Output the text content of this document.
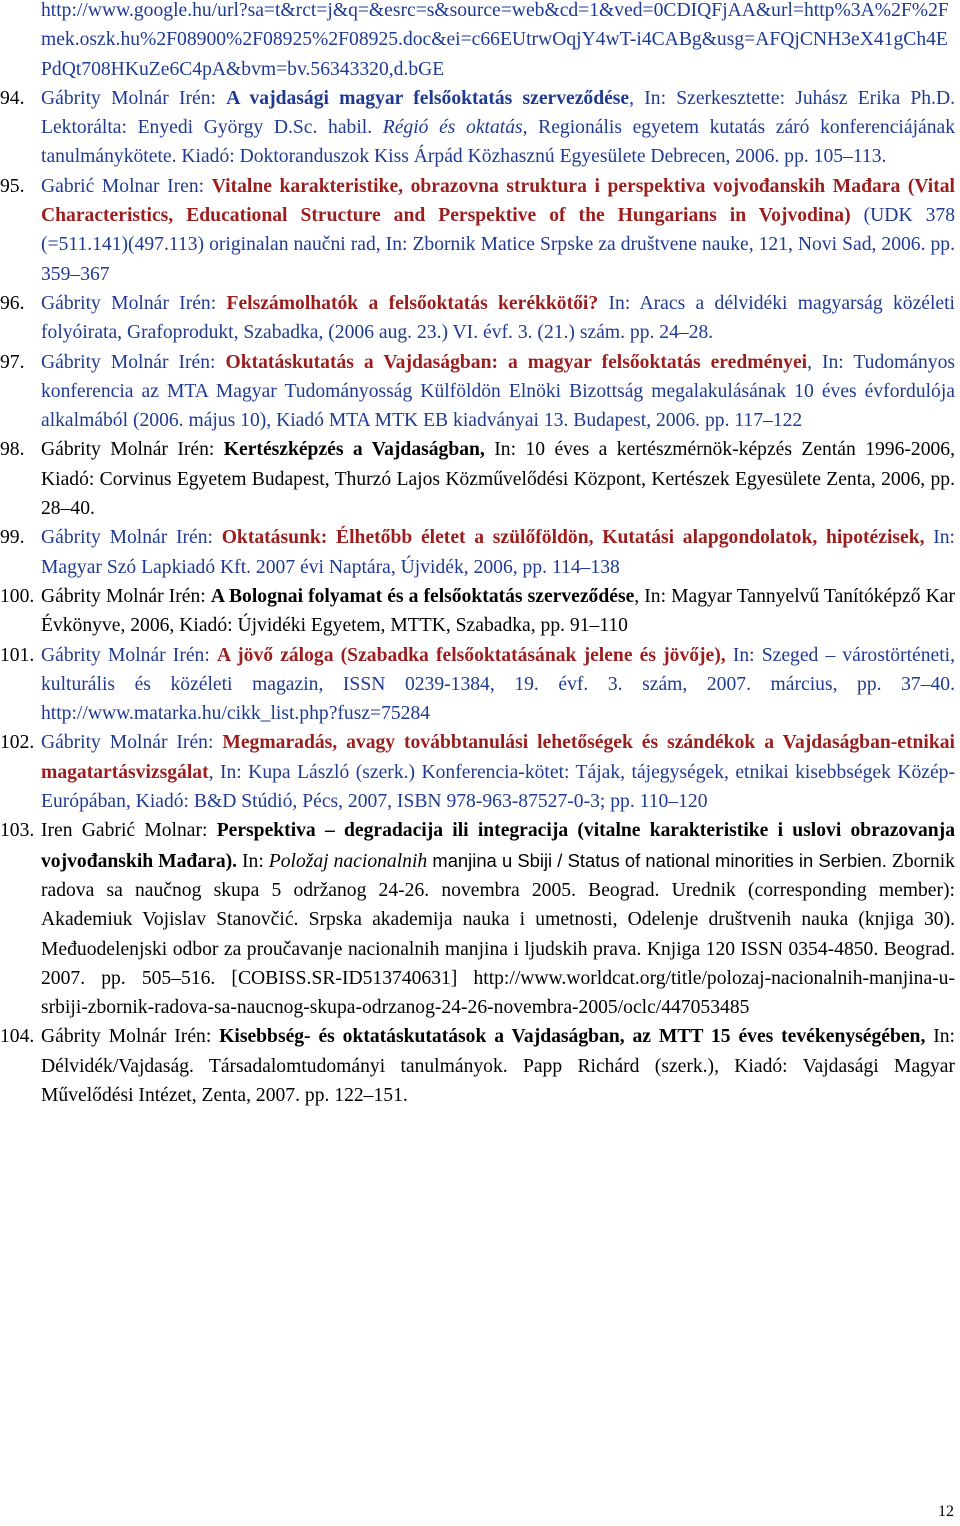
http://www.google.hu/url?sa=t&rct=j&q=&esrc=s&source=web&cd=1&ved=0CDIQFjAA&url=http%3A%2F%2Fmek.oszk.hu%2F08900%2F08925%2F08925.doc&ei=c66EUtrwOqjY4wT-i4CABg&usg=AFQjCNH3eX41gCh4EPdQt708HKuZe6C4pA&bvm=bv.56343320,d.bGE

94. Gábrity Molnár Irén: A vajdasági magyar felsőoktatás szerveződése, In: Szerkesztette: Juhász Erika Ph.D. Lektorálta: Enyedi György D.Sc. habil. Régió és oktatás, Regionális egyetem kutatás záró konferenciájának tanulmánykötete. Kiadó: Doktoranduszok Kiss Árpád Közhasznú Egyesülete Debrecen, 2006. pp. 105–113.

95. Gabrić Molnar Iren: Vitalne karakteristike, obrazovna struktura i perspektiva vojvođanskih Mađara (Vital Characteristics, Educational Structure and Perspektive of the Hungarians in Vojvodina) (UDK 378 (=511.141)(497.113) originalan naučni rad, In: Zbornik Matice Srpske za društvene nauke, 121, Novi Sad, 2006. pp. 359–367

96. Gábrity Molnár Irén: Felszámolhatók a felsőoktatás kerékkötői? In: Aracs a délvidéki magyarság közéleti folyóirata, Grafoprodukt, Szabadka, (2006 aug. 23.) VI. évf. 3. (21.) szám. pp. 24–28.

97. Gábrity Molnár Irén: Oktatáskutatás a Vajdaságban: a magyar felsőoktatás eredményei, In: Tudományos konferencia az MTA Magyar Tudományosság Külföldön Elnöki Bizottság megalakulásának 10 éves évfordulója alkalmából (2006. május 10), Kiadó MTA MTK EB kiadványai 13. Budapest, 2006. pp. 117–122

98. Gábrity Molnár Irén: Kertészképzés a Vajdaságban, In: 10 éves a kertészmérnök-képzés Zentán 1996-2006, Kiadó: Corvinus Egyetem Budapest, Thurzó Lajos Közművelődési Központ, Kertészek Egyesülete Zenta, 2006, pp. 28–40.

99. Gábrity Molnár Irén: Oktatásunk: Élhetőbb életet a szülőföldön, Kutatási alapgondolatok, hipotézisek, In: Magyar Szó Lapkiadó Kft. 2007 évi Naptára, Újvidék, 2006, pp. 114–138

100. Gábrity Molnár Irén: A Bolognai folyamat és a felsőoktatás szerveződése, In: Magyar Tannyelvű Tanítóképző Kar Évkönyve, 2006, Kiadó: Újvidéki Egyetem, MTTK, Szabadka, pp. 91–110

101. Gábrity Molnár Irén: A jövő záloga (Szabadka felsőoktatásának jelene és jövője), In: Szeged – várostörténeti, kulturális és közéleti magazin, ISSN 0239-1384, 19. évf. 3. szám, 2007. március, pp. 37–40. http://www.matarka.hu/cikk_list.php?fusz=75284

102. Gábrity Molnár Irén: Megmaradás, avagy továbbtanulási lehetőségek és szándékok a Vajdaságban-etnikai magatartásvizsgálat, In: Kupa László (szerk.) Konferencia-kötet: Tájak, tájegységek, etnikai kisebbségek Közép-Európában, Kiadó: B&D Stúdió, Pécs, 2007, ISBN 978-963-87527-0-3; pp. 110–120

103. Iren Gabrić Molnar: Perspektiva – degradacija ili integracija (vitalne karakteristike i uslovi obrazovanja vojvođanskih Mađara). In: Položaj nacionalnih manjina u Sbiji / Status of national minorities in Serbien. Zbornik radova sa naučnog skupa 5 održanog 24-26. novembra 2005. Beograd. Urednik (corresponding member): Akademiuk Vojislav Stanovčić. Srpska akademija nauka i umetnosti, Odelenje društvenih nauka (knjiga 30). Međuodelenjski odbor za proučavanje nacionalnih manjina i ljudskih prava. Knjiga 120 ISSN 0354-4850. Beograd. 2007. pp. 505–516. [COBISS.SR-ID513740631] http://www.worldcat.org/title/polozaj-nacionalnih-manjina-u-srbiji-zbornik-radova-sa-naucnog-skupa-odrzanog-24-26-novembra-2005/oclc/447053485

104. Gábrity Molnár Irén: Kisebbség- és oktatáskutatások a Vajdaságban, az MTT 15 éves tevékenységében, In: Délvidék/Vajdaság. Társadalomtudományi tanulmányok. Papp Richárd (szerk.), Kiadó: Vajdasági Magyar Művelődési Intézet, Zenta, 2007. pp. 122–151.

12
